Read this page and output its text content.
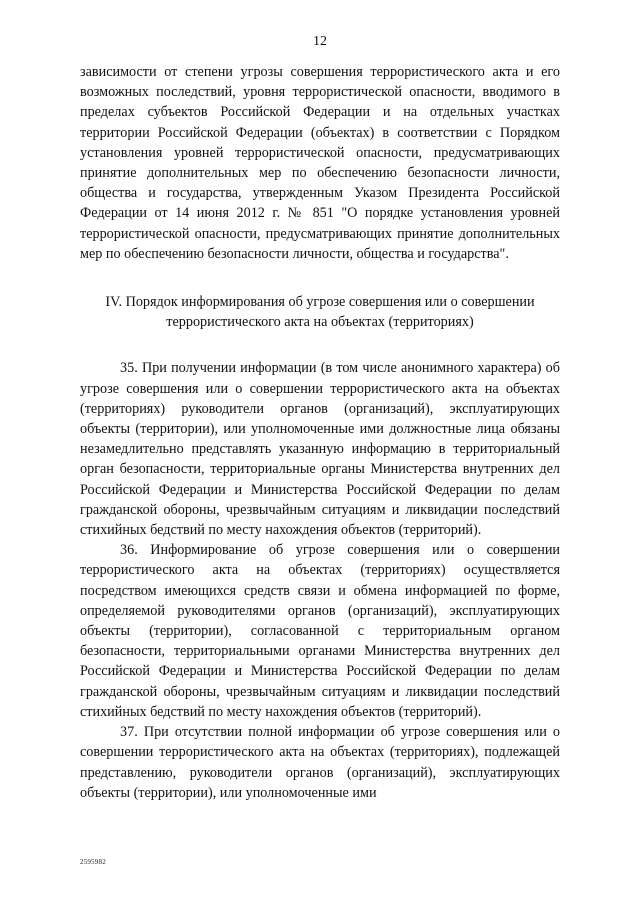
12

зависимости от степени угрозы совершения террористического акта и его возможных последствий, уровня террористической опасности, вводимого в пределах субъектов Российской Федерации и на отдельных участках территории Российской Федерации (объектах) в соответствии с Порядком установления уровней террористической опасности, предусматривающих принятие дополнительных мер по обеспечению безопасности личности, общества и государства, утвержденным Указом Президента Российской Федерации от 14 июня 2012 г. № 851 "О порядке установления уровней террористической опасности, предусматривающих принятие дополнительных мер по обеспечению безопасности личности, общества и государства".

IV. Порядок информирования об угрозе совершения или о совершении
террористического акта на объектах (территориях)

35. При получении информации (в том числе анонимного характера) об угрозе совершения или о совершении террористического акта на объектах (территориях) руководители органов (организаций), эксплуатирующих объекты (территории), или уполномоченные ими должностные лица обязаны незамедлительно представлять указанную информацию в территориальный орган безопасности, территориальные органы Министерства внутренних дел Российской Федерации и Министерства Российской Федерации по делам гражданской обороны, чрезвычайным ситуациям и ликвидации последствий стихийных бедствий по месту нахождения объектов (территорий).

36. Информирование об угрозе совершения или о совершении террористического акта на объектах (территориях) осуществляется посредством имеющихся средств связи и обмена информацией по форме, определяемой руководителями органов (организаций), эксплуатирующих объекты (территории), согласованной с территориальным органом безопасности, территориальными органами Министерства внутренних дел Российской Федерации и Министерства Российской Федерации по делам гражданской обороны, чрезвычайным ситуациям и ликвидации последствий стихийных бедствий по месту нахождения объектов (территорий).

37. При отсутствии полной информации об угрозе совершения или о совершении террористического акта на объектах (территориях), подлежащей представлению, руководители органов (организаций), эксплуатирующих объекты (территории), или уполномоченные ими

2595982
